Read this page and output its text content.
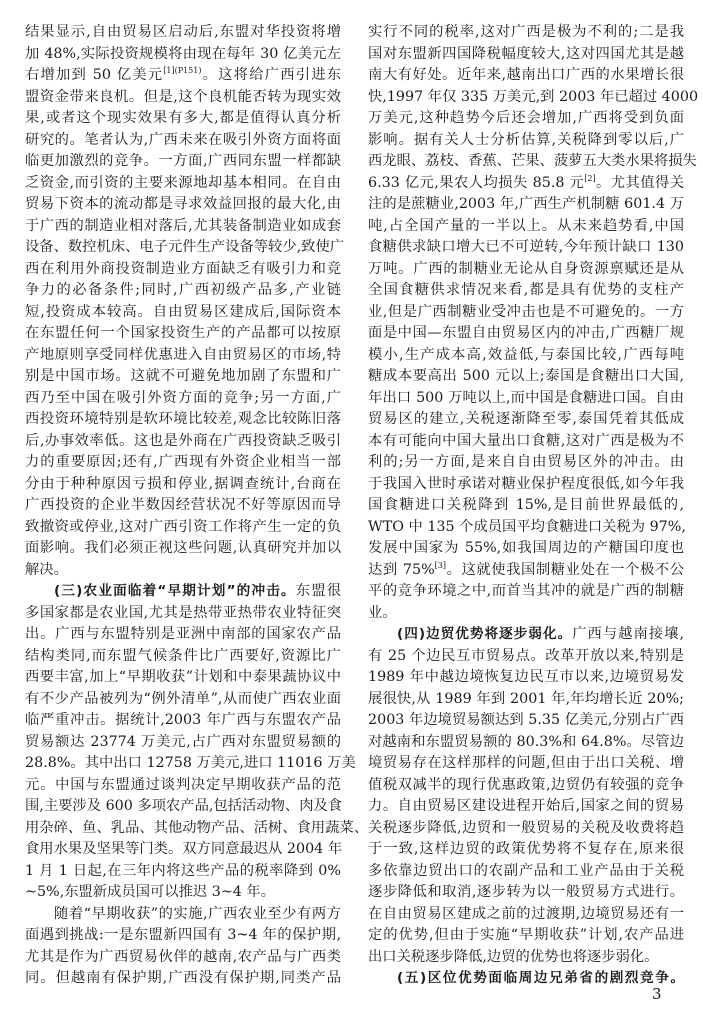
结果显示,自由贸易区启动后,东盟对华投资将增
加 48%,实际投资规模将由现在每年 30 亿美元左
右增加到 50 亿美元$^{[1](P151)}$。这将给广西引进东
盟资金带来良机。但是,这个良机能否转为现实效
果,或者这个现实效果有多大,都是值得认真分析
研究的。笔者认为,广西未来在吸引外资方面将面
临更加激烈的竞争。一方面,广西同东盟一样都缺
乏资金,而引资的主要来源地却基本相同。在自由
贸易下资本的流动都是寻求效益回报的最大化,由
于广西的制造业相对落后,尤其装备制造业如成套
设备、数控机床、电子元件生产设备等较少,致使广
西在利用外商投资制造业方面缺乏有吸引力和竞
争力的必备条件;同时,广西初级产品多,产业链
短,投资成本较高。自由贸易区建成后,国际资本
在东盟任何一个国家投资生产的产品都可以按原
产地原则享受同样优惠进入自由贸易区的市场,特
别是中国市场。这就不可避免地加剧了东盟和广
西乃至中国在吸引外资方面的竞争;另一方面,广
西投资环境特别是软环境比较差,观念比较陈旧落
后,办事效率低。这也是外商在广西投资缺乏吸引
力的重要原因;还有,广西现有外资企业相当一部
分由于种种原因亏损和停业,据调查统计,台商在
广西投资的企业半数因经营状况不好等原因而导
致撤资或停业,这对广西引资工作将产生一定的负
面影响。我们必须正视这些问题,认真研究并加以
解决。
(三)农业面临着“早期计划”的冲击。东盟很
多国家都是农业国,尤其是热带亚热带农业特征突
出。广西与东盟特别是亚洲中南部的国家农产品
结构类同,而东盟气候条件比广西要好,资源比广
西要丰富,加上“早期收获”计划和中泰果蔬协议中
有不少产品被列为“例外清单”,从而使广西农业面
临严重冲击。据统计,2003 年广西与东盟农产品
贸易额达 23774 万美元,占广西对东盟贸易额的
28.8%。其中出口 12758 万美元,进口 11016 万美
元。中国与东盟通过谈判决定早期收获产品的范
围,主要涉及 600 多项农产品,包括活动物、肉及食
用杂碎、鱼、乳品、其他动物产品、活树、食用蔬菜、
食用水果及坚果等门类。双方同意最迟从 2004 年
1 月 1 日起,在三年内将这些产品的税率降到 0%
~5%,东盟新成员国可以推迟 3~4 年。
随着“早期收获”的实施,广西农业至少有两方
面遇到挑战:一是东盟新四国有 3~4 年的保护期,
尤其是作为广西贸易伙伴的越南,农产品与广西类
同。但越南有保护期,广西没有保护期,同类产品
实行不同的税率,这对广西是极为不利的;二是我
国对东盟新四国降税幅度较大,这对四国尤其是越
南大有好处。近年来,越南出口广西的水果增长很
快,1997 年仅 335 万美元,到 2003 年已超过 4000
万美元,这种趋势今后还会增加,广西将受到负面
影响。据有关人士分析估算,关税降到零以后,广
西龙眼、荔枝、香蕉、芒果、菠萝五大类水果将损失
6.33 亿元,果农人均损失 85.8 元[2]。尤其值得关
注的是蔗糖业,2003 年,广西生产机制糖 601.4 万
吨,占全国产量的一半以上。从未来趋势看,中国
食糖供求缺口增大已不可逆转,今年预计缺口 130
万吨。广西的制糖业无论从自身资源禀赋还是从
全国食糖供求情况来看,都是具有优势的支柱产
业,但是广西制糖业受冲击也是不可避免的。一方
面是中国—东盟自由贸易区内的冲击,广西糖厂规
模小,生产成本高,效益低,与泰国比较,广西每吨
糖成本要高出 500 元以上;泰国是食糖出口大国,
年出口 500 万吨以上,而中国是食糖进口国。自由
贸易区的建立,关税逐渐降至零,泰国凭着其低成
本有可能向中国大量出口食糖,这对广西是极为不
利的;另一方面,是来自自由贸易区外的冲击。由
于我国入世时承诺对糖业保护程度很低,如今年我
国食糖进口关税降到 15%,是目前世界最低的,
WTO 中 135 个成员国平均食糖进口关税为 97%,
发展中国家为 55%,如我国周边的产糖国印度也
达到 75%[3]。这就使我国制糖业处在一个极不公
平的竞争环境之中,而首当其冲的就是广西的制糖
业。
(四)边贸优势将逐步弱化。广西与越南接壤,
有 25 个边民互市贸易点。改革开放以来,特别是
1989 年中越边境恢复边民互市以来,边境贸易发
展很快,从 1989 年到 2001 年,年均增长近 20%;
2003 年边境贸易额达到 5.35 亿美元,分别占广西
对越南和东盟贸易额的 80.3%和 64.8%。尽管边
境贸易存在这样那样的问题,但由于出口关税、增
值税双减半的现行优惠政策,边贸仍有较强的竞争
力。自由贸易区建设进程开始后,国家之间的贸易
关税逐步降低,边贸和一般贸易的关税及收费将趋
于一致,这样边贸的政策优势将不复存在,原来很
多依靠边贸出口的农副产品和工业产品由于关税
逐步降低和取消,逐步转为以一般贸易方式进行。
在自由贸易区建成之前的过渡期,边境贸易还有一
定的优势,但由于实施“早期收获”计划,农产品进
出口关税逐步降低,边贸的优势也将逐步弱化。
(五)区位优势面临周边兄弟省的剧烈竞争。
3
